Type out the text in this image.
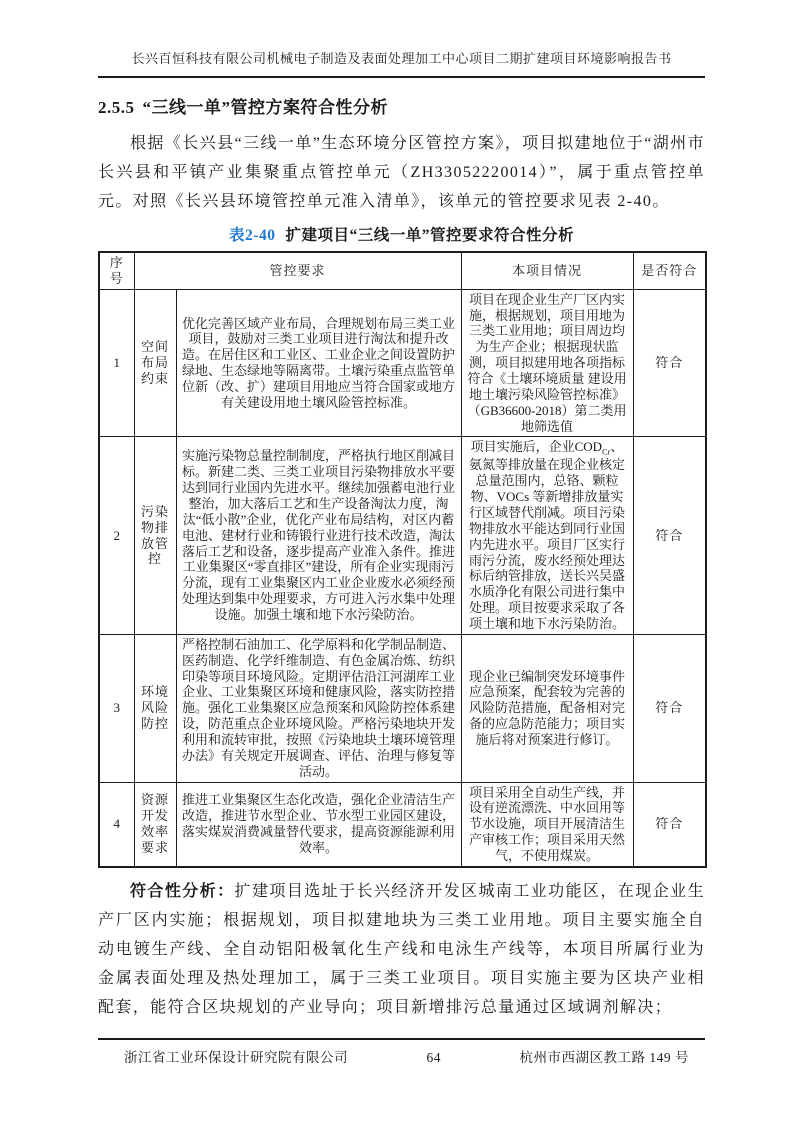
长兴百恒科技有限公司机械电子制造及表面处理加工中心项目二期扩建项目环境影响报告书
2.5.5 “三线一单”管控方案符合性分析

根据《长兴县“三线一单”生态环境分区管控方案》，项目拟建地位于“湖州市长兴县和平镇产业集聚重点管控单元（ZH33052220014）”，属于重点管控单元。对照《长兴县环境管控单元准入清单》，该单元的管控要求见表 2-40。

表2-40 扩建项目“三线一单”管控要求符合性分析
序号	管控要求		本项目情况	是否符合
1	空间布局约束	优化完善区域产业布局，合理规划布局三类工业项目，鼓励对三类工业项目进行淘汰和提升改造。在居住区和工业区、工业企业之间设置防护绿地、生态绿地等隔离带。土壤污染重点监管单位新（改、扩）建项目用地应当符合国家或地方有关建设用地土壤风险管控标准。	项目在现企业生产厂区内实施，根据规划，项目用地为三类工业用地；项目周边均为生产企业；根据现状监测，项目拟建用地各项指标符合《土壤环境质量 建设用地土壤污染风险管控标准》（GB36600-2018）第二类用地筛选值	符合
2	污染物排放管控	实施污染物总量控制制度，严格执行地区削减目标。新建二类、三类工业项目污染物排放水平要达到同行业国内先进水平。继续加强蓄电池行业整治，加大落后工艺和生产设备淘汰力度，淘汰“低小散”企业，优化产业布局结构，对区内蓄电池、建材行业和铸锻行业进行技术改造，淘汰落后工艺和设备，逐步提高产业准入条件。推进工业集聚区“零直排区”建设，所有企业实现雨污分流，现有工业集聚区内工业企业废水必须经预处理达到集中处理要求，方可进入污水集中处理设施。加强土壤和地下水污染防治。	项目实施后，企业$COD_{Cr}$、氨氮等排放量在现企业核定总量范围内，总铬、颗粒物、VOCs 等新增排放量实行区域替代削减。项目污染物排放水平能达到同行业国内先进水平。项目厂区实行雨污分流，废水经预处理达标后纳管排放，送长兴吴盛水质净化有限公司进行集中处理。项目按要求采取了各项土壤和地下水污染防治。	符合
3	环境风险防控	严格控制石油加工、化学原料和化学制品制造、医药制造、化学纤维制造、有色金属冶炼、纺织印染等项目环境风险。定期评估沿江河湖库工业企业、工业集聚区环境和健康风险，落实防控措施。强化工业集聚区应急预案和风险防控体系建设，防范重点企业环境风险。严格污染地块开发利用和流转审批，按照《污染地块土壤环境管理办法》有关规定开展调查、评估、治理与修复等活动。	现企业已编制突发环境事件应急预案，配套较为完善的风险防范措施，配备相对完备的应急防范能力；项目实施后将对预案进行修订。	符合
4	资源开发效率要求	推进工业集聚区生态化改造，强化企业清洁生产改造，推进节水型企业、节水型工业园区建设，落实煤炭消费减量替代要求，提高资源能源利用效率。	项目采用全自动生产线，并设有逆流漂洗、中水回用等节水设施，项目开展清洁生产审核工作；项目采用天然气，不使用煤炭。	符合

符合性分析：扩建项目选址于长兴经济开发区城南工业功能区，在现企业生产厂区内实施；根据规划，项目拟建地块为三类工业用地。项目主要实施全自动电镀生产线、全自动铝阳极氧化生产线和电泳生产线等，本项目所属行业为金属表面处理及热处理加工，属于三类工业项目。项目实施主要为区块产业相配套，能符合区块规划的产业导向；项目新增排污总量通过区域调剂解决；

浙江省工业环保设计研究院有限公司	64	杭州市西湖区教工路 149 号
